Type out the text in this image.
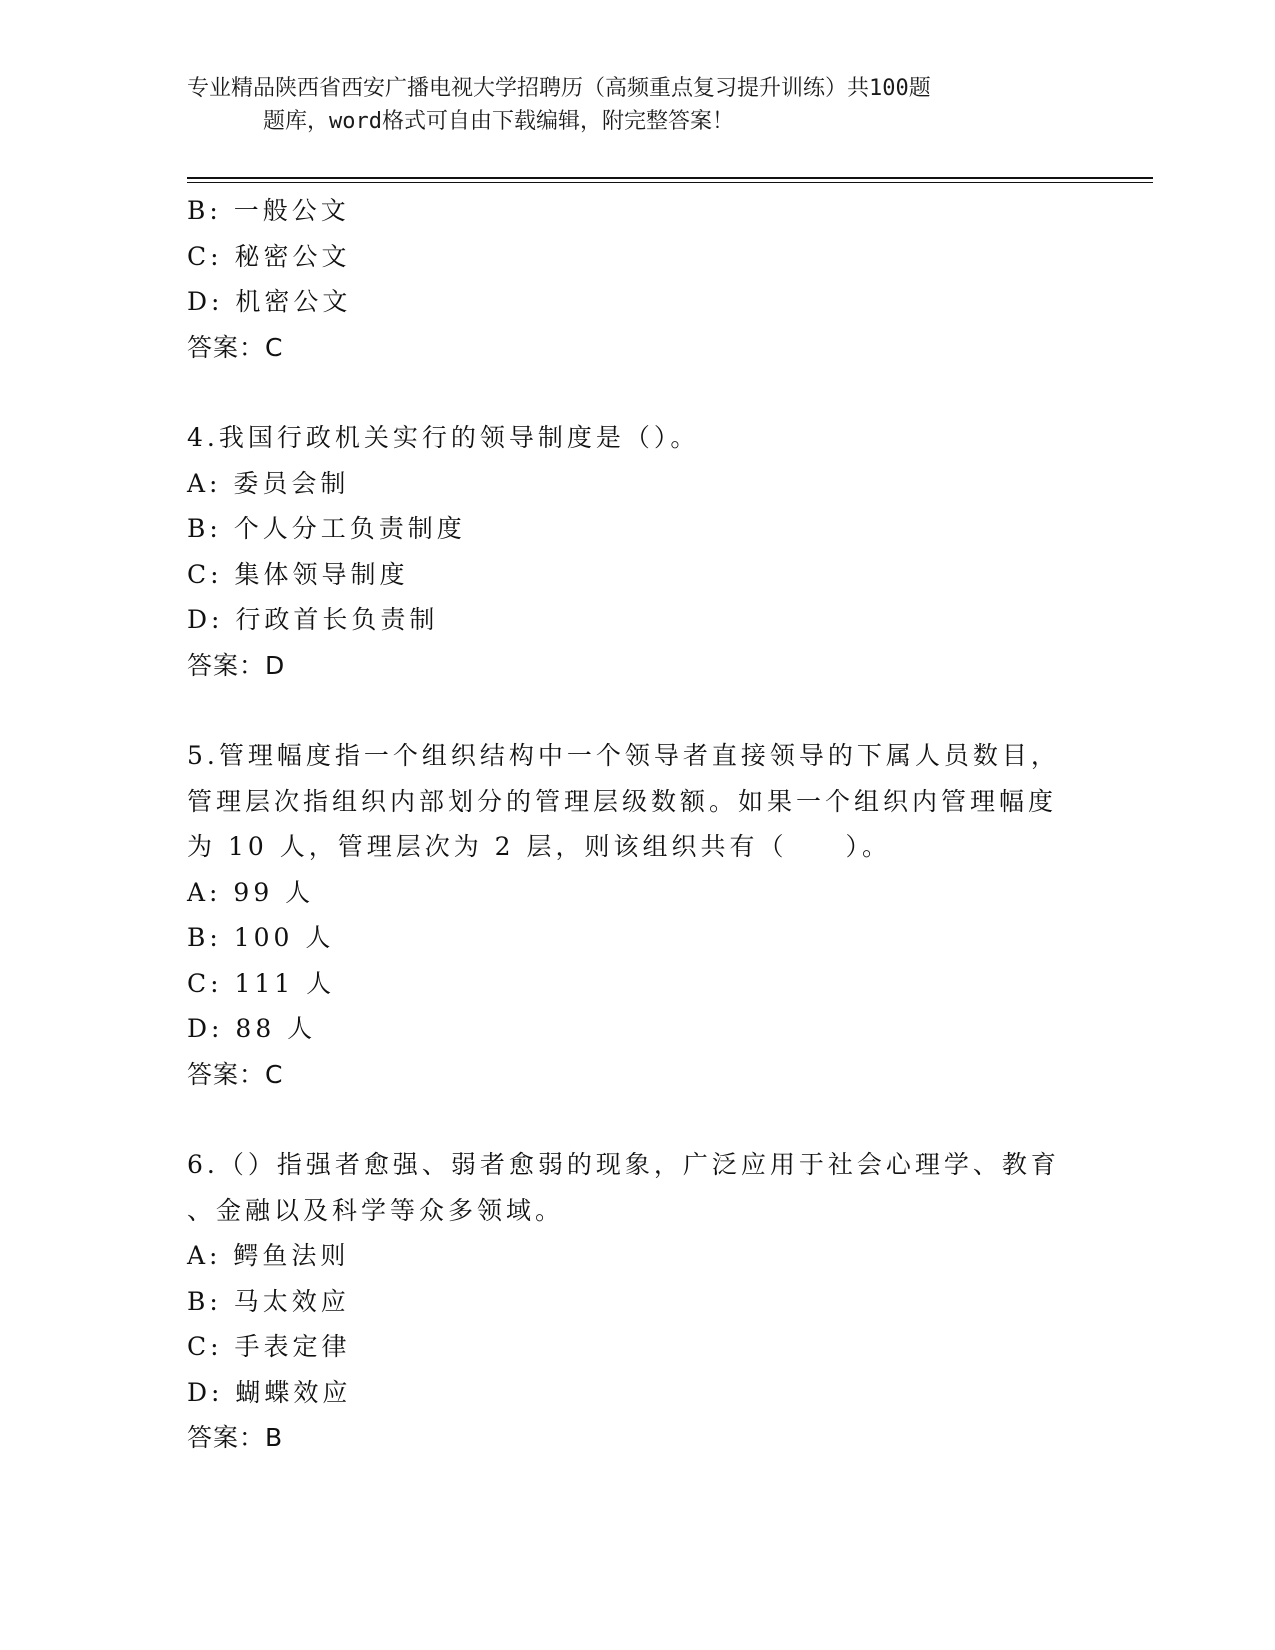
专业精品陕西省西安广播电视大学招聘历（高频重点复习提升训练）共100题
题库，word格式可自由下载编辑，附完整答案！
B: 一般公文
C: 秘密公文
D: 机密公文
答案：C
4.我国行政机关实行的领导制度是（）。
A: 委员会制
B: 个人分工负责制度
C: 集体领导制度
D: 行政首长负责制
答案：D
5.管理幅度指一个组织结构中一个领导者直接领导的下属人员数目，
管理层次指组织内部划分的管理层级数额。如果一个组织内管理幅度
为 10 人，管理层次为 2 层，则该组织共有（　　）。
A: 99 人
B: 100 人
C: 111 人
D: 88 人
答案：C
6.（）指强者愈强、弱者愈弱的现象，广泛应用于社会心理学、教育
、金融以及科学等众多领域。
A: 鳄鱼法则
B: 马太效应
C: 手表定律
D: 蝴蝶效应
答案：B
